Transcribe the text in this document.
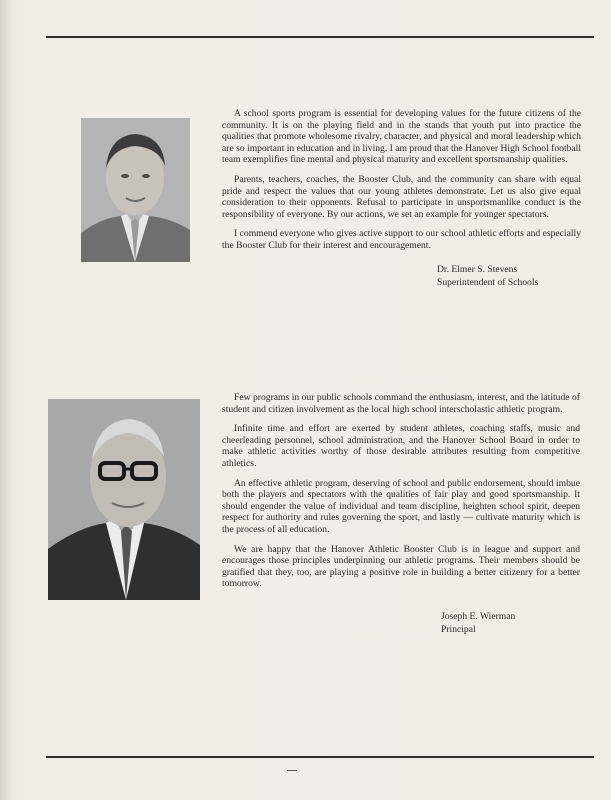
A school sports program is essential for developing values for the future citizens of the community. It is on the playing field and in the stands that youth put into practice the qualities that promote wholesome rivalry, character, and physical and moral leadership which are so important in education and in living. I am proud that the Hanover High School football team exemplifies fine mental and physical maturity and excellent sportsmanship qualities.

Parents, teachers, coaches, the Booster Club, and the community can share with equal pride and respect the values that our young athletes demonstrate. Let us also give equal consideration to their opponents. Refusal to participate in unsportsmanlike conduct is the responsibility of everyone. By our actions, we set an example for younger spectators.

I commend everyone who gives active support to our school athletic efforts and especially the Booster Club for their interest and encouragement.

Dr. Elmer S. Stevens
Superintendent of Schools

Few programs in our public schools command the enthusiasm, interest, and the latitude of student and citizen involvement as the local high school interscholastic athletic program.

Infinite time and effort are exerted by student athletes, coaching staffs, music and cheerleading personnel, school administration, and the Hanover School Board in order to make athletic activities worthy of those desirable attributes resulting from competitive athletics.

An effective athletic program, deserving of school and public endorsement, should imbue both the players and spectators with the qualities of fair play and good sportsmanship. It should engender the value of individual and team discipline, heighten school spirit, deepen respect for authority and rules governing the sport, and lastly — cultivate maturity which is the process of all education.

We are happy that the Hanover Athletic Booster Club is in league and support and encourages those principles underpinning our athletic programs. Their members should be gratified that they, too, are playing a positive role in building a better citizenry for a better tomorrow.

Joseph E. Wierman
Principal
